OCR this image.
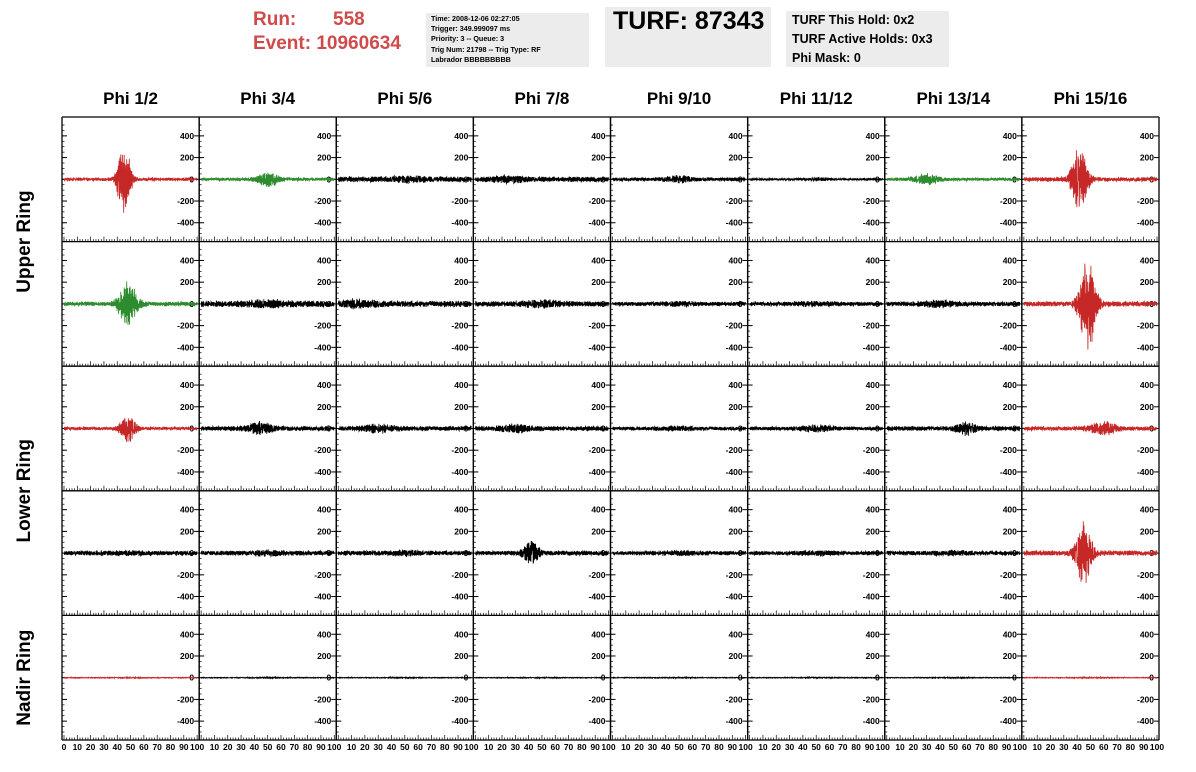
Run: 558
Event: 10960634
Time: 2008-12-06 02:27:05
Trigger: 349.999097 ms
Priority: 3 -- Queue: 3
Trig Num: 21798 -- Trig Type: RF
Labrador BBBBBBBBB
TURF: 87343 TURF This Hold: 0x2
TURF Active Holds: 0x3
Phi Mask: 0
Phi 1/2	Phi 3/4	Phi 5/6	Phi 7/8	Phi 9/10	Phi 11/12	Phi 13/14	Phi 15/16
Upper Ring
Lower Ring
Nadir Ring
-400
-200
0
200
400
-400
-200
0
200
400
-400
-200
0
200
400
-400
-200
0
200
400
-400
-200
0
200
400
-400
-200
0
200
400
-400
-200
0
200
400
-400
-200
0
200
400
-400
-200
0
200
400
-400
-200
0
200
400
-400
-200
0
200
400
-400
-200
0
200
400
-400
-200
0
200
400
-400
-200
0
200
400
-400
-200
0
200
400
-400
-200
0
200
400
-400
-200
0
200
400
-400
-200
0
200
400
-400
-200
0
200
400
-400
-200
0
200
400
-400
-200
0
200
400
-400
-200
0
200
400
-400
-200
0
200
400
-400
-200
0
200
400
-400
-200
0
200
400
-400
-200
0
200
400
-400
-200
0
200
400
-400
-200
0
200
400
-400
-200
0
200
400
-400
-200
0
200
400
-400
-200
0
200
400
-400
-200
0
200
400
-400
-200
0
200
400
-400
-200
0
200
400
-400
-200
0
200
400
-400
-200
0
200
400
-400
-200
0
200
400
-400
-200
0
200
400
-400
-200
0
200
400
-400
-200
0
200
400
0 10 20 30 40 50 60 70 80 90 100 10 20 30 40 50 60 70 80 90 100 10 20 30 40 50 60 70 80 90 100 10 20 30 40 50 60 70 80 90 100 10 20 30 40 50 60 70 80 90 100 10 20 30 40 50 60 70 80 90 100 10 20 30 40 50 60 70 80 90 100 10 20 30 40 50 60 70 80 90 100
